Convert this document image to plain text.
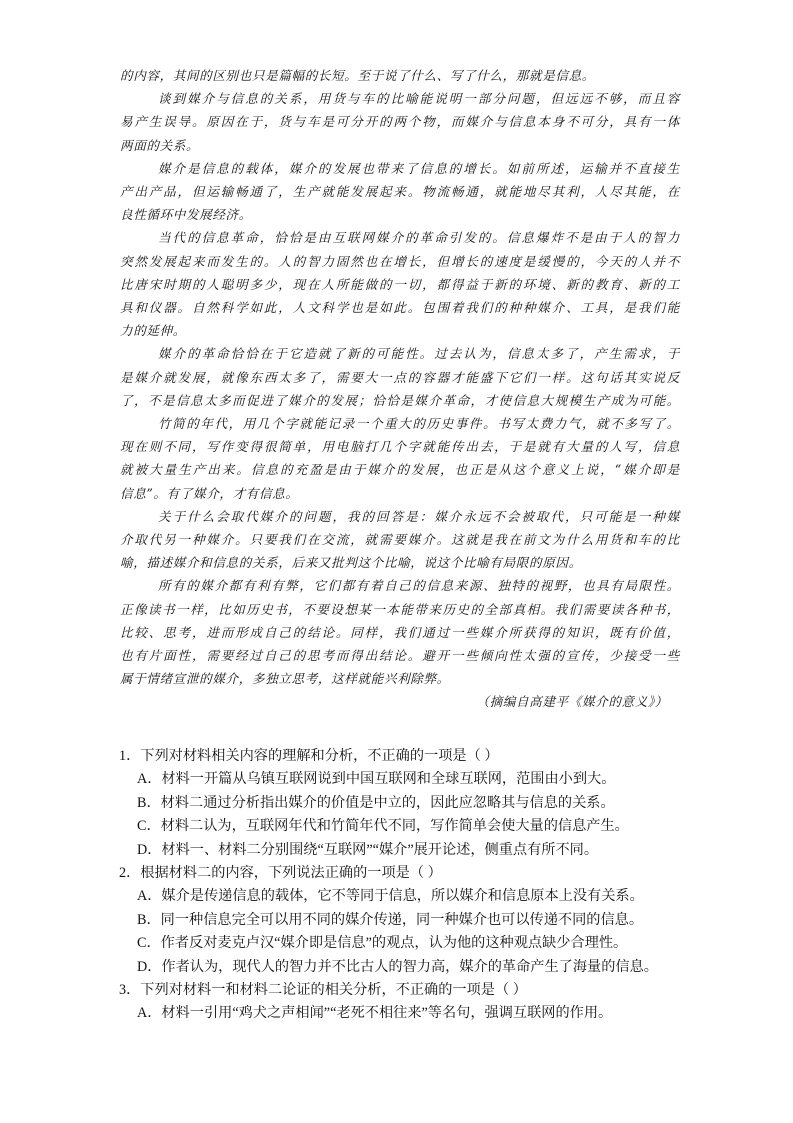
的内容，其间的区别也只是篇幅的长短。至于说了什么、写了什么，那就是信息。
谈到媒介与信息的关系，用货与车的比喻能说明一部分问题，但远远不够，而且容
易产生误导。原因在于，货与车是可分开的两个物，而媒介与信息本身不可分，具有一体
两面的关系。
媒介是信息的载体，媒介的发展也带来了信息的增长。如前所述，运输并不直接生
产出产品，但运输畅通了，生产就能发展起来。物流畅通，就能地尽其利，人尽其能，在
良性循环中发展经济。
当代的信息革命，恰恰是由互联网媒介的革命引发的。信息爆炸不是由于人的智力
突然发展起来而发生的。人的智力固然也在增长，但增长的速度是缓慢的，今天的人并不
比唐宋时期的人聪明多少，现在人所能做的一切，都得益于新的环境、新的教育、新的工
具和仪器。自然科学如此，人文科学也是如此。包围着我们的种种媒介、工具，是我们能
力的延伸。
媒介的革命恰恰在于它造就了新的可能性。过去认为，信息太多了，产生需求，于
是媒介就发展，就像东西太多了，需要大一点的容器才能盛下它们一样。这句话其实说反
了，不是信息太多而促进了媒介的发展；恰恰是媒介革命，才使信息大规模生产成为可能。
竹简的年代，用几个字就能记录一个重大的历史事件。书写太费力气，就不多写了。
现在则不同，写作变得很简单，用电脑打几个字就能传出去，于是就有大量的人写，信息
就被大量生产出来。信息的充盈是由于媒介的发展，也正是从这个意义上说，“媒介即是
信息”。有了媒介，才有信息。
关于什么会取代媒介的问题，我的回答是：媒介永远不会被取代，只可能是一种媒
介取代另一种媒介。只要我们在交流，就需要媒介。这就是我在前文为什么用货和车的比
喻，描述媒介和信息的关系，后来又批判这个比喻，说这个比喻有局限的原因。
所有的媒介都有利有弊，它们都有着自己的信息来源、独特的视野，也具有局限性。
正像读书一样，比如历史书，不要设想某一本能带来历史的全部真相。我们需要读各种书，
比较、思考，进而形成自己的结论。同样，我们通过一些媒介所获得的知识，既有价值，
也有片面性，需要经过自己的思考而得出结论。避开一些倾向性太强的宣传，少接受一些
属于情绪宣泄的媒介，多独立思考，这样就能兴利除弊。
（摘编自高建平《媒介的意义》）

1．下列对材料相关内容的理解和分析，不正确的一项是（ ）

A．材料一开篇从乌镇互联网说到中国互联网和全球互联网，范围由小到大。

B．材料二通过分析指出媒介的价值是中立的，因此应忽略其与信息的关系。

C．材料二认为，互联网年代和竹简年代不同，写作简单会使大量的信息产生。

D．材料一、材料二分别围绕“互联网”“媒介”展开论述，侧重点有所不同。

2．根据材料二的内容，下列说法正确的一项是（ ）

A．媒介是传递信息的载体，它不等同于信息，所以媒介和信息原本上没有关系。

B．同一种信息完全可以用不同的媒介传递，同一种媒介也可以传递不同的信息。

C．作者反对麦克卢汉“媒介即是信息”的观点，认为他的这种观点缺少合理性。

D．作者认为，现代人的智力并不比古人的智力高，媒介的革命产生了海量的信息。

3．下列对材料一和材料二论证的相关分析，不正确的一项是（ ）

A．材料一引用“鸡犬之声相闻”“老死不相往来”等名句，强调互联网的作用。
